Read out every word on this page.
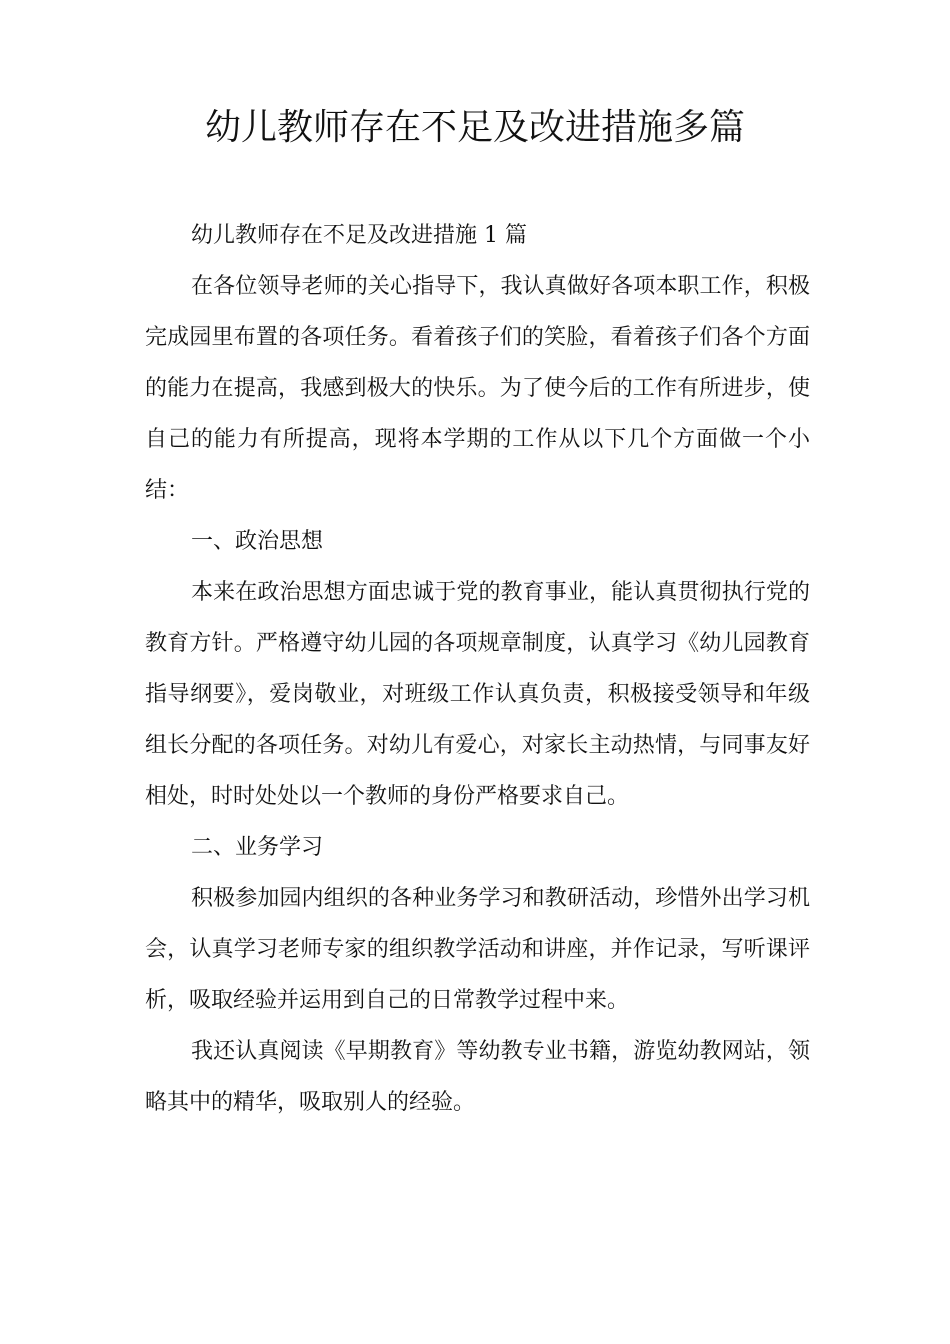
幼儿教师存在不足及改进措施多篇

幼儿教师存在不足及改进措施 1 篇

在各位领导老师的关心指导下，我认真做好各项本职工作，积极完成园里布置的各项任务。看着孩子们的笑脸，看着孩子们各个方面的能力在提高，我感到极大的快乐。为了使今后的工作有所进步，使自己的能力有所提高，现将本学期的工作从以下几个方面做一个小结：

一、政治思想

本来在政治思想方面忠诚于党的教育事业，能认真贯彻执行党的教育方针。严格遵守幼儿园的各项规章制度，认真学习《幼儿园教育指导纲要》，爱岗敬业，对班级工作认真负责，积极接受领导和年级组长分配的各项任务。对幼儿有爱心，对家长主动热情，与同事友好相处，时时处处以一个教师的身份严格要求自己。

二、业务学习

积极参加园内组织的各种业务学习和教研活动，珍惜外出学习机会，认真学习老师专家的组织教学活动和讲座，并作记录，写听课评析，吸取经验并运用到自己的日常教学过程中来。

我还认真阅读《早期教育》等幼教专业书籍，游览幼教网站，领略其中的精华，吸取别人的经验。
